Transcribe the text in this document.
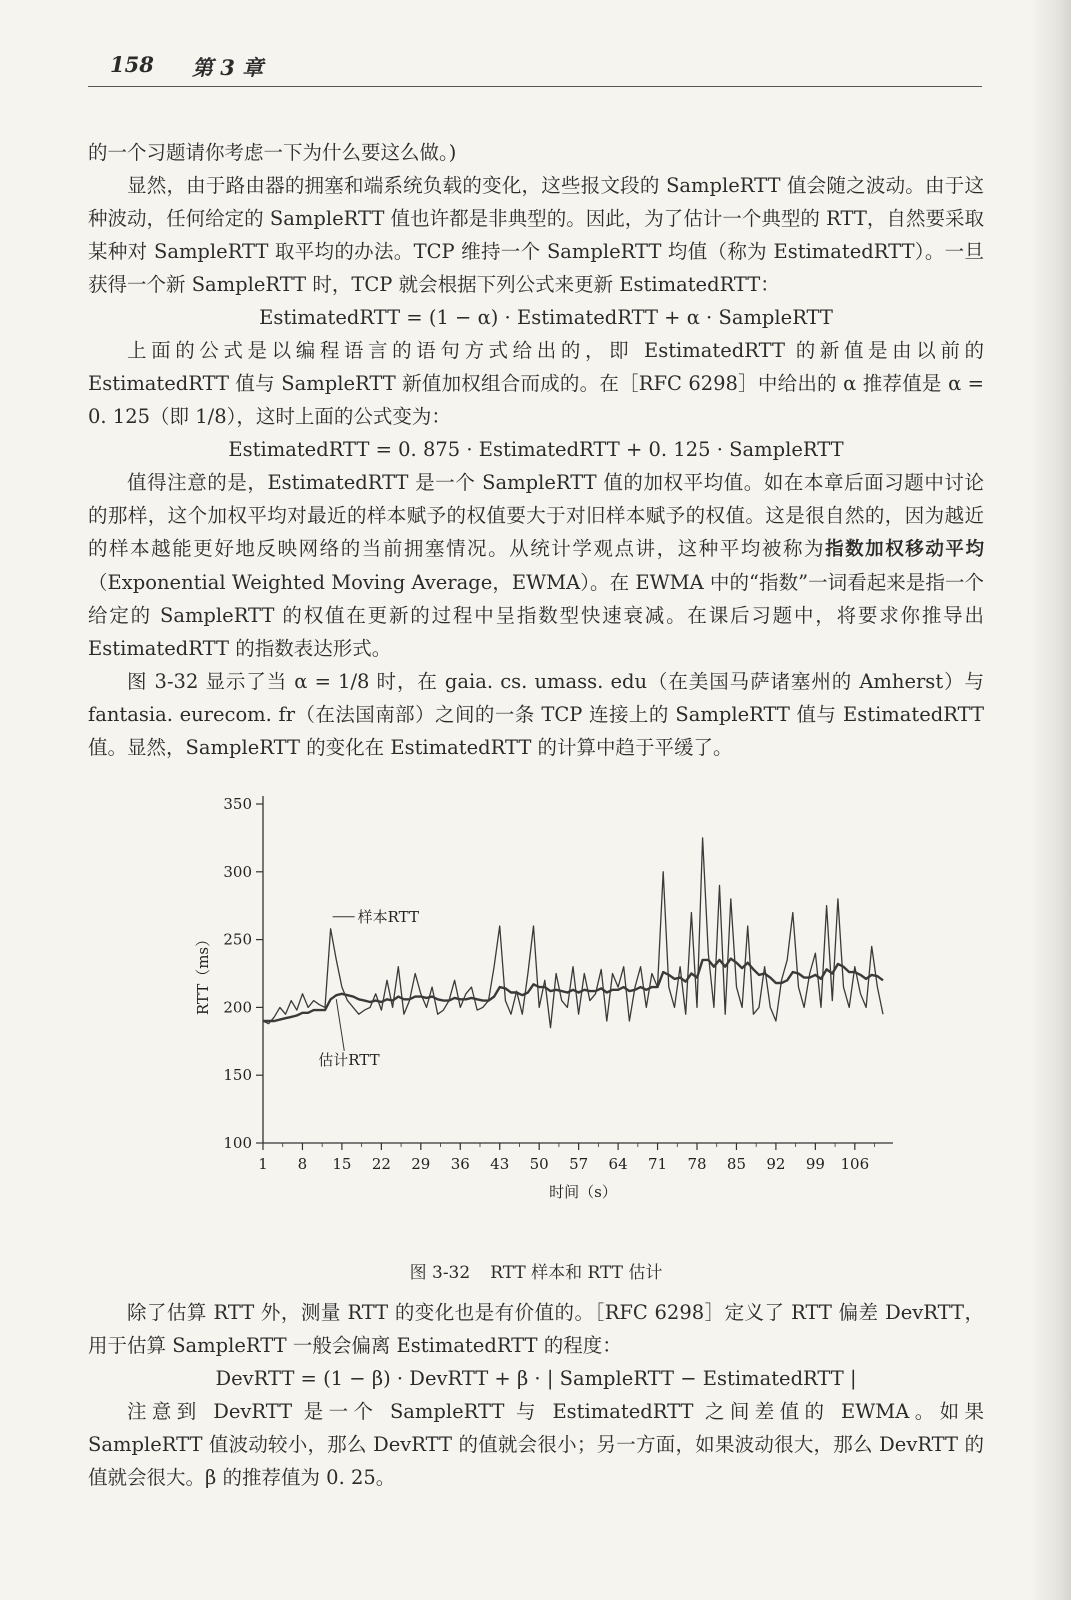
158 第 3 章

的一个习题请你考虑一下为什么要这么做。)

显然，由于路由器的拥塞和端系统负载的变化，这些报文段的 SampleRTT 值会随之波动。由于这种波动，任何给定的 SampleRTT 值也许都是非典型的。因此，为了估计一个典型的 RTT，自然要采取某种对 SampleRTT 取平均的办法。TCP 维持一个 SampleRTT 均值（称为 EstimatedRTT）。一旦获得一个新 SampleRTT 时，TCP 就会根据下列公式来更新 EstimatedRTT：

EstimatedRTT = (1 − α) · EstimatedRTT + α · SampleRTT

上面的公式是以编程语言的语句方式给出的，即 EstimatedRTT 的新值是由以前的 EstimatedRTT 值与 SampleRTT 新值加权组合而成的。在［RFC 6298］中给出的 α 推荐值是 α = 0. 125（即 1/8），这时上面的公式变为：

EstimatedRTT = 0. 875 · EstimatedRTT + 0. 125 · SampleRTT

值得注意的是，EstimatedRTT 是一个 SampleRTT 值的加权平均值。如在本章后面习题中讨论的那样，这个加权平均对最近的样本赋予的权值要大于对旧样本赋予的权值。这是很自然的，因为越近的样本越能更好地反映网络的当前拥塞情况。从统计学观点讲，这种平均被称为指数加权移动平均（Exponential Weighted Moving Average，EWMA）。在 EWMA 中的“指数”一词看起来是指一个给定的 SampleRTT 的权值在更新的过程中呈指数型快速衰减。在课后习题中，将要求你推导出 EstimatedRTT 的指数表达形式。

图 3-32 显示了当 α = 1/8 时，在 gaia. cs. umass. edu（在美国马萨诸塞州的 Amherst）与 fantasia. eurecom. fr（在法国南部）之间的一条 TCP 连接上的 SampleRTT 值与 EstimatedRTT 值。显然，SampleRTT 的变化在 EstimatedRTT 的计算中趋于平缓了。

100
150
200
250
300
350
1 8 15 22 29 36 43 50 57 64 71 78 85 92 99 106
时间（s）
RTT（ms）
样本RTT
估计RTT

图 3-32 RTT 样本和 RTT 估计

除了估算 RTT 外，测量 RTT 的变化也是有价值的。［RFC 6298］定义了 RTT 偏差 DevRTT，用于估算 SampleRTT 一般会偏离 EstimatedRTT 的程度：

DevRTT = (1 − β) · DevRTT + β · | SampleRTT − EstimatedRTT |

注意到 DevRTT 是一个 SampleRTT 与 EstimatedRTT 之间差值的 EWMA。如果 SampleRTT 值波动较小，那么 DevRTT 的值就会很小；另一方面，如果波动很大，那么 DevRTT 的值就会很大。β 的推荐值为 0. 25。
